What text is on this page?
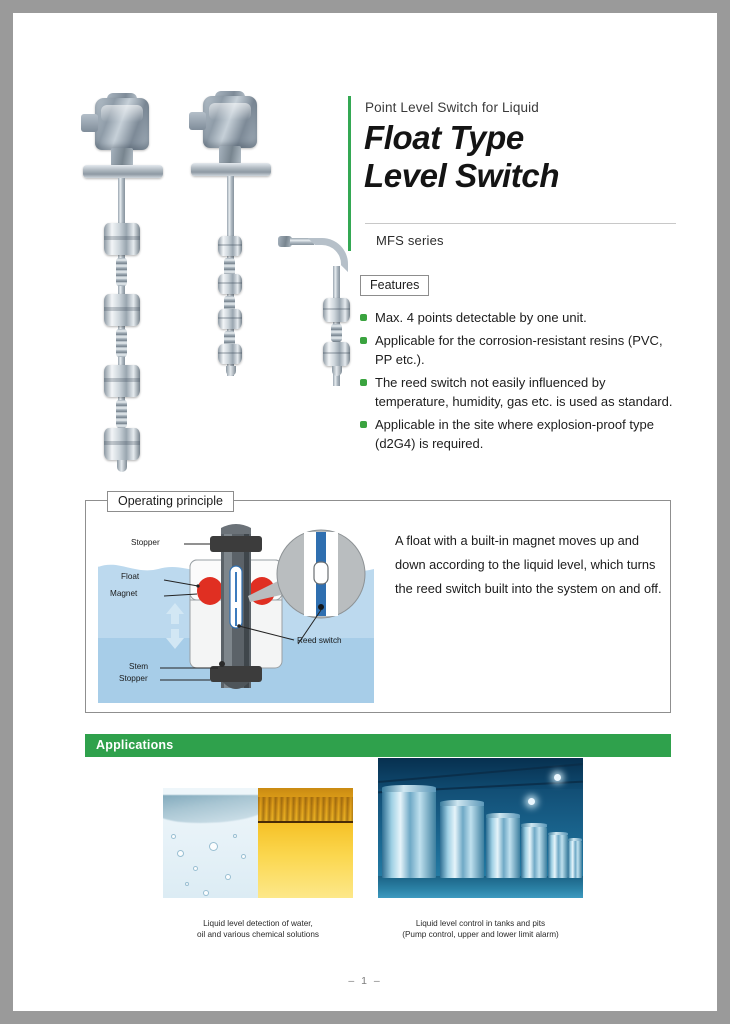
Point Level Switch for Liquid
Float Type
Level Switch
MFS series
Features
Max. 4 points detectable by one unit.
Applicable for the corrosion-resistant resins (PVC, PP etc.).
The reed switch not easily influenced by temperature, humidity, gas etc. is used as standard.
Applicable in the site where explosion-proof type (d2G4) is required.
Operating principle
Stopper
Float
Magnet
Reed switch
Stem
Stopper
A float with a built-in magnet moves up and down according to the liquid level, which turns the reed switch built into the system on and off.
Applications
Liquid level detection of water,
oil and various chemical solutions
Liquid level control in tanks and pits
(Pump control, upper and lower limit alarm)
– 1 –
